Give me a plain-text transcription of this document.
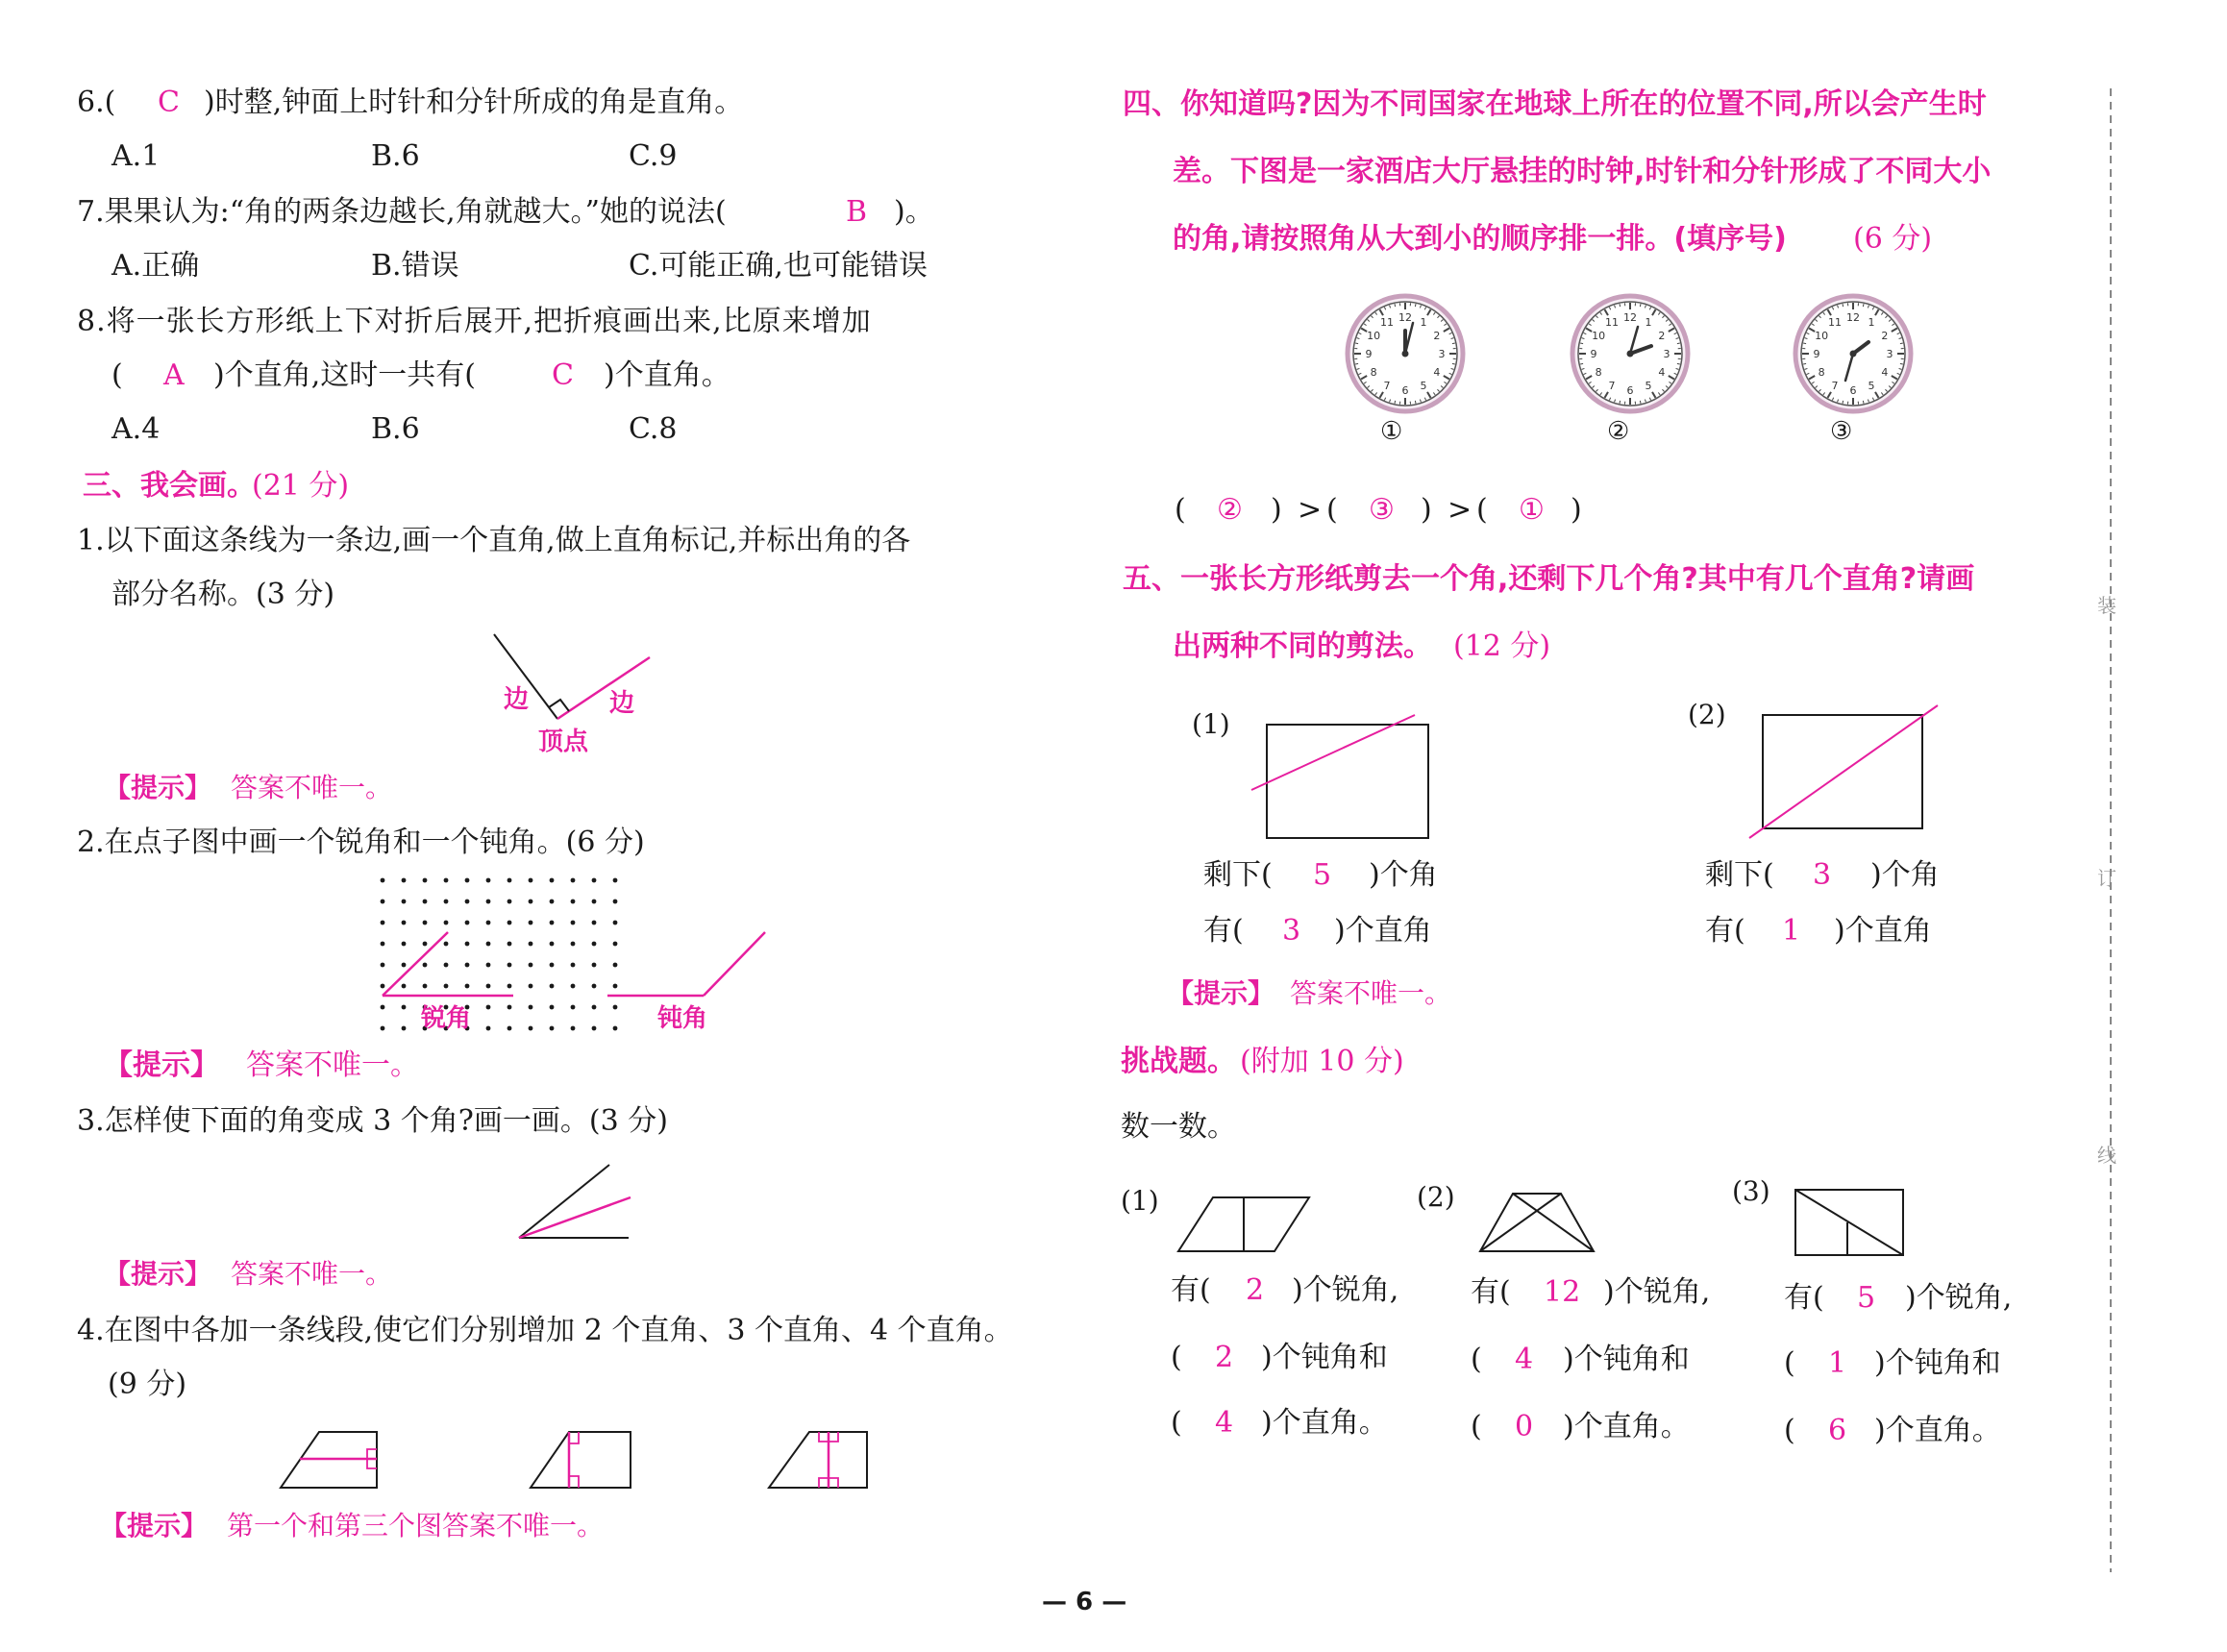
6.( C )时整,钟面上时针和分针所成的角是直角。
A.1	B.6	C.9
7.果果认为:“角的两条边越长,角就越大。”她的说法(	B )。
A.正确	B.错误	C.可能正确,也可能错误
8.将一张长方形纸上下对折后展开,把折痕画出来,比原来增加
( A )个直角,这时一共有(	C )个直角。
A.4	B.6	C.8
三、我会画。
(21 分)
1.以下面这条线为一条边,画一个直角,做上直角标记,并标出角的各
部分名称。(3 分)
【提示】 答案不唯一。
2.在点子图中画一个锐角和一个钝角。(6 分)
【提示】 答案不唯一。
3.怎样使下面的角变成 3 个角?画一画。(3 分)
【提示】 答案不唯一。
4.在图中各加一条线段,使它们分别增加 2 个直角、3 个直角、4 个直角。
(9 分)
【提示】 第一个和第三个图答案不唯一。
四、你知道吗?因为不同国家在地球上所在的位置不同,所以会产生时
差。下图是一家酒店大厅悬挂的时钟,时针和分针形成了不同大小
的角,请按照角从大到小的顺序排一排。(填序号) (6 分)
①	②	③
( ② ) > ( ③ ) > ( ① )
五、一张长方形纸剪去一个角,还剩下几个角?其中有几个直角?请画
出两种不同的剪法。 (12 分)
(1)
剩下( 5 )个角
有( 3 )个直角
(2)
剩下( 3 )个角
有( 1 )个直角
【提示】 答案不唯一。
挑战题。 (附加 10 分)
数一数。
(1)
有( 2 )个锐角,
( 2 )个钝角和
( 4 )个直角。
(2)
有( 12 )个锐角,
( 4 )个钝角和
( 0 )个直角。
(3)
有( 5 )个锐角,
( 1 )个钝角和
( 6 )个直角。
— 6 —
装
订
线
边	边
顶点
锐角	钝角
1
2
3
4
5
6
7
8
9
10
11 12	1
2
3
4
5
6
7
8
9
10
11 12	1
2
3
4
5
6
7
8
9
10
11 12
